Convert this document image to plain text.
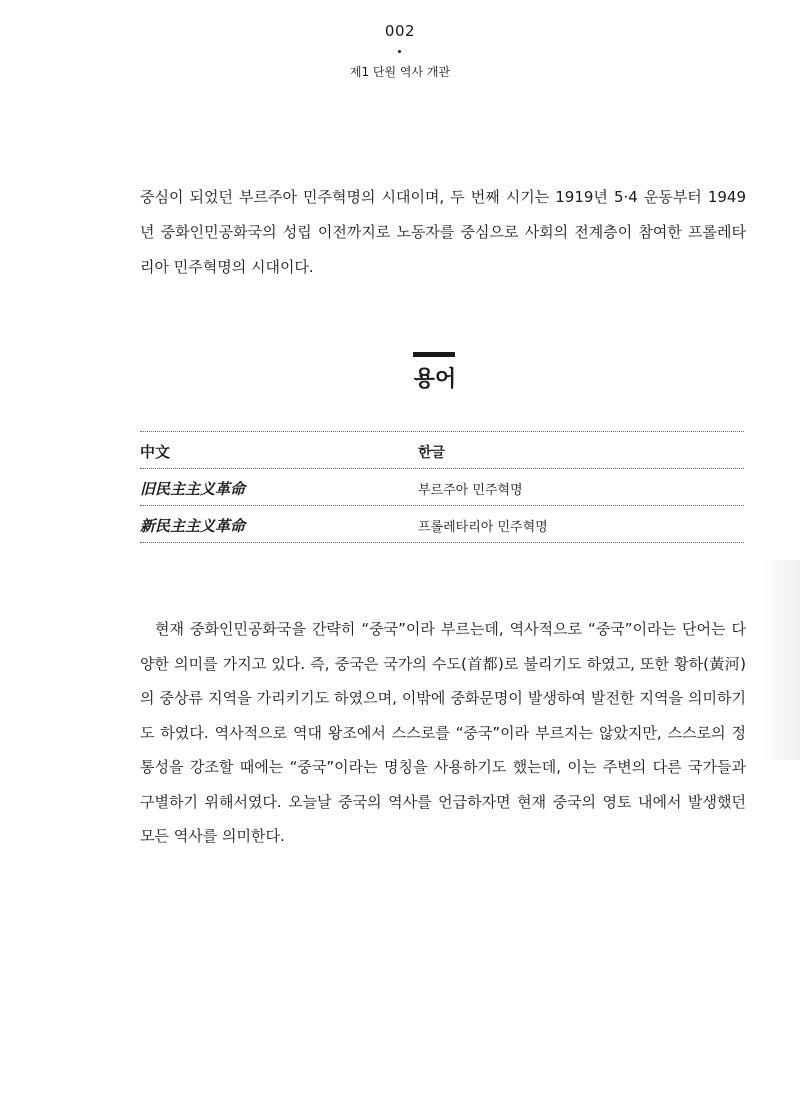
002
제1 단원 역사 개관

중심이 되었던 부르주아 민주혁명의 시대이며, 두 번째 시기는 1919년 5·4 운동부터 1949년 중화인민공화국의 성립 이전까지로 노동자를 중심으로 사회의 전계층이 참여한 프롤레타리아 민주혁명의 시대이다.

용어
中文	한글
旧民主主义革命	부르주아 민주혁명
新民主主义革命	프롤레타리아 민주혁명

현재 중화인민공화국을 간략히 “중국”이라 부르는데, 역사적으로 “중국”이라는 단어는 다양한 의미를 가지고 있다. 즉, 중국은 국가의 수도(首都)로 불리기도 하였고, 또한 황하(黃河)의 중상류 지역을 가리키기도 하였으며, 이밖에 중화문명이 발생하여 발전한 지역을 의미하기도 하였다. 역사적으로 역대 왕조에서 스스로를 “중국”이라 부르지는 않았지만, 스스로의 정통성을 강조할 때에는 “중국”이라는 명칭을 사용하기도 했는데, 이는 주변의 다른 국가들과 구별하기 위해서였다. 오늘날 중국의 역사를 언급하자면 현재 중국의 영토 내에서 발생했던 모든 역사를 의미한다.
